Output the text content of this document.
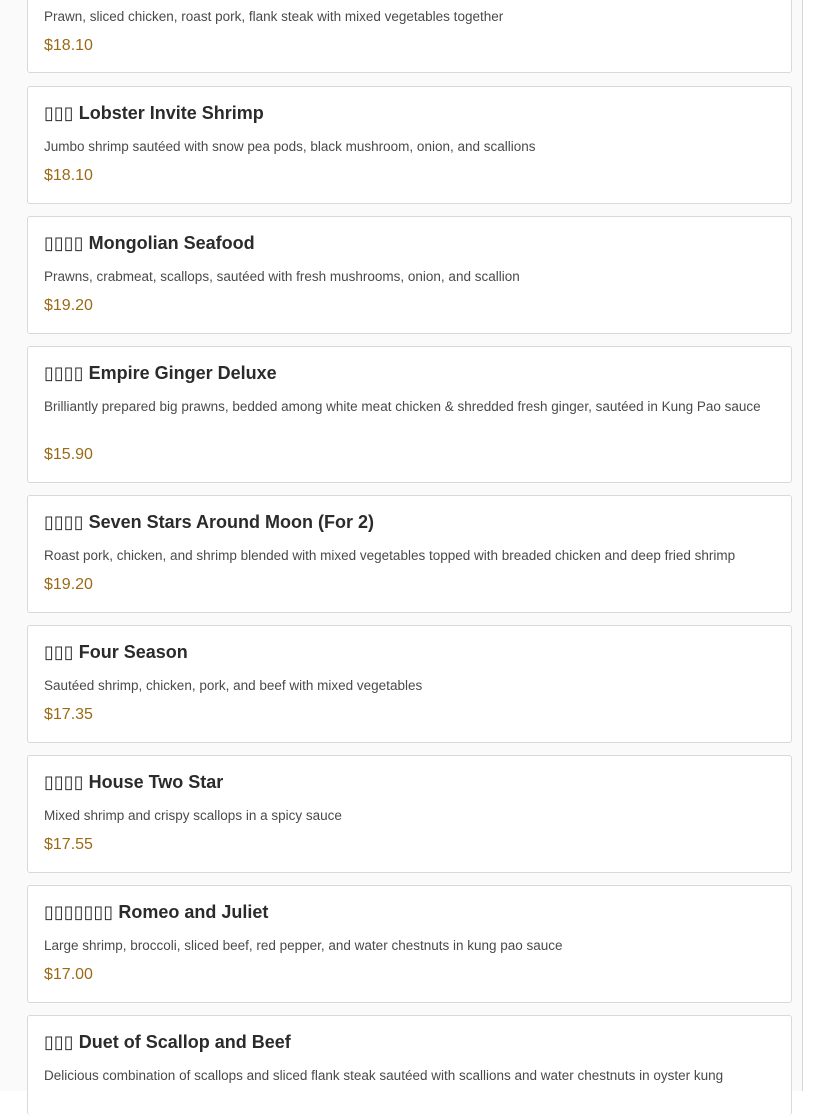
Prawn, sliced chicken, roast pork, flank steak with mixed vegetables together
$18.10
▯▯▯ Lobster Invite Shrimp
Jumbo shrimp sautéed with snow pea pods, black mushroom, onion, and scallions
$18.10
▯▯▯▯ Mongolian Seafood
Prawns, crabmeat, scallops, sautéed with fresh mushrooms, onion, and scallion
$19.20
▯▯▯▯ Empire Ginger Deluxe
Brilliantly prepared big prawns, bedded among white meat chicken & shredded fresh ginger, sautéed in Kung Pao sauce
$15.90
▯▯▯▯ Seven Stars Around Moon (For 2)
Roast pork, chicken, and shrimp blended with mixed vegetables topped with breaded chicken and deep fried shrimp
$19.20
▯▯▯ Four Season
Sautéed shrimp, chicken, pork, and beef with mixed vegetables
$17.35
▯▯▯▯ House Two Star
Mixed shrimp and crispy scallops in a spicy sauce
$17.55
▯▯▯▯▯▯▯ Romeo and Juliet
Large shrimp, broccoli, sliced beef, red pepper, and water chestnuts in kung pao sauce
$17.00
▯▯▯ Duet of Scallop and Beef
Delicious combination of scallops and sliced flank steak sautéed with scallions and water chestnuts in oyster kung
